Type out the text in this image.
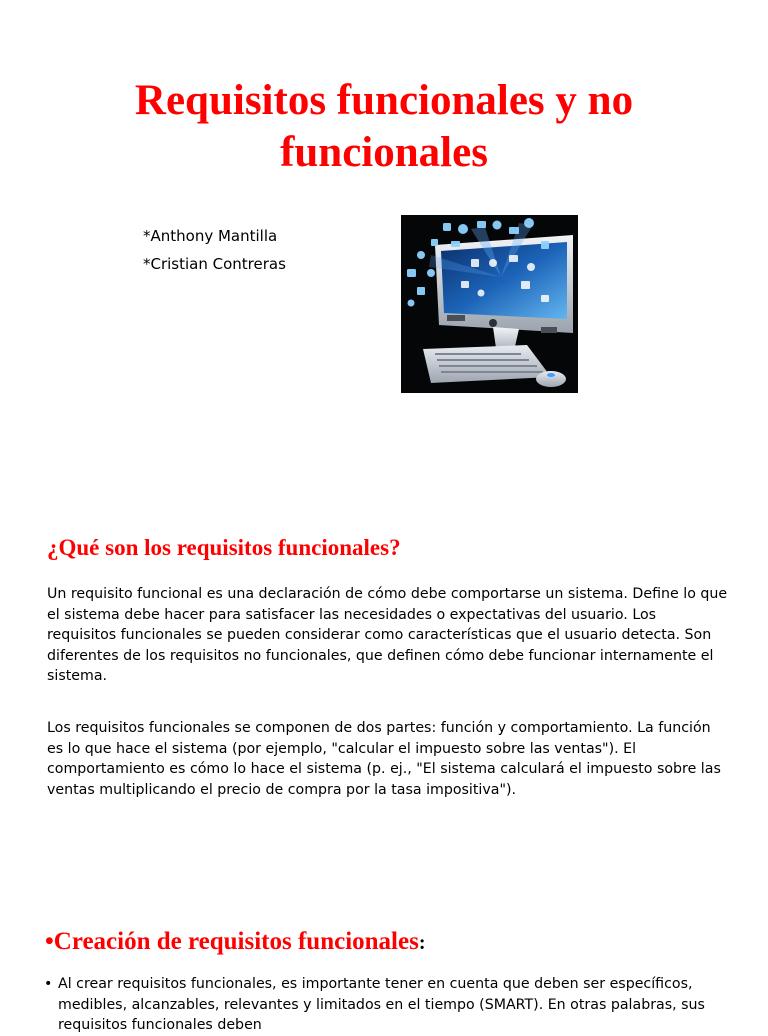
Requisitos funcionales y no funcionales
*Anthony Mantilla
*Cristian Contreras
¿Qué son los requisitos funcionales?

Un requisito funcional es una declaración de cómo debe comportarse un sistema. Define lo que el sistema debe hacer para satisfacer las necesidades o expectativas del usuario. Los requisitos funcionales se pueden considerar como características que el usuario detecta. Son diferentes de los requisitos no funcionales, que definen cómo debe funcionar internamente el sistema.

Los requisitos funcionales se componen de dos partes: función y comportamiento. La función es lo que hace el sistema (por ejemplo, "calcular el impuesto sobre las ventas"). El comportamiento es cómo lo hace el sistema (p. ej., "El sistema calculará el impuesto sobre las ventas multiplicando el precio de compra por la tasa impositiva").

•Creación de requisitos funcionales:
• Al crear requisitos funcionales, es importante tener en cuenta que deben ser específicos, medibles, alcanzables, relevantes y limitados en el tiempo (SMART). En otras palabras, sus requisitos funcionales deben
